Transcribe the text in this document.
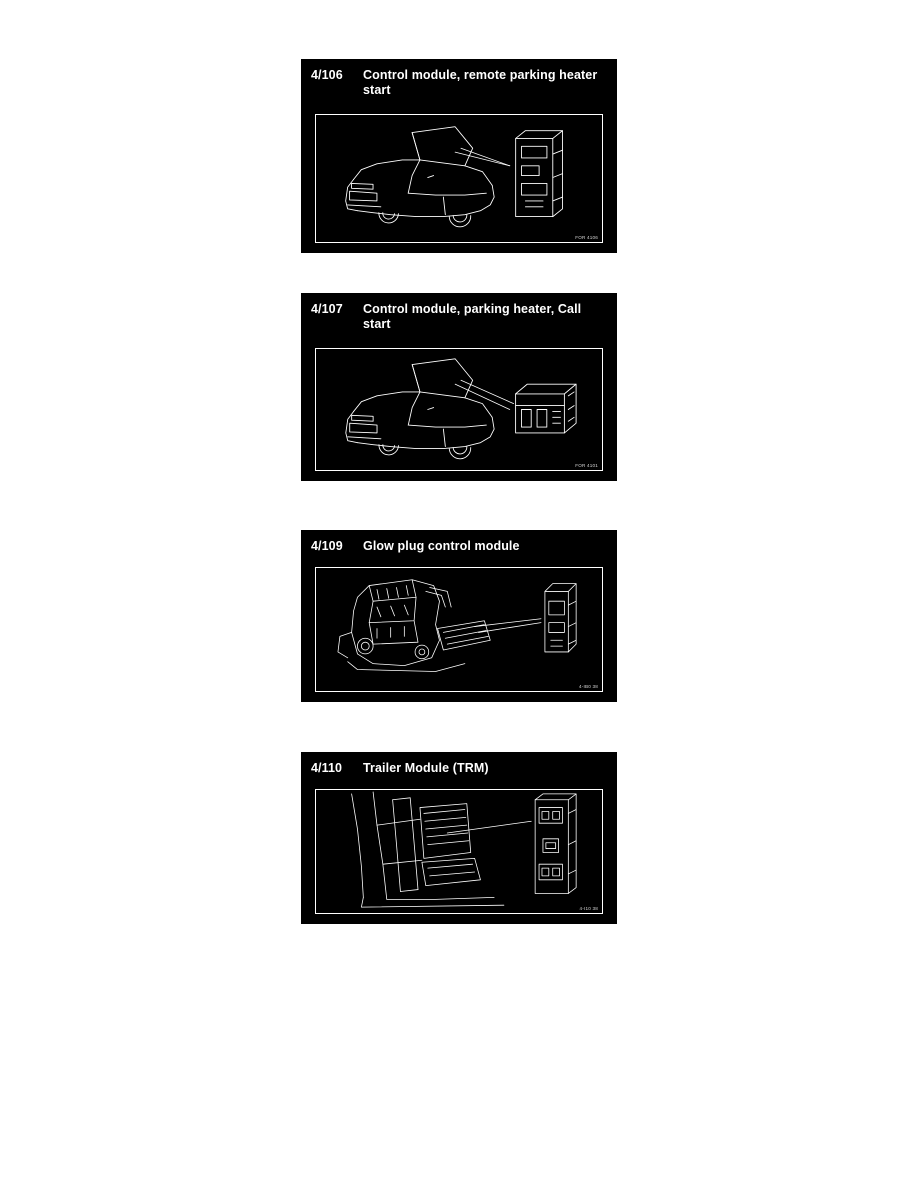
4/106	Control module, remote parking heater start
FOR 4106
4/107	Control module, parking heater, Call start
FOR 4101
4/109	Glow plug control module
4-IB0 38
4/110	Trailer Module (TRM)
4-I10 38
